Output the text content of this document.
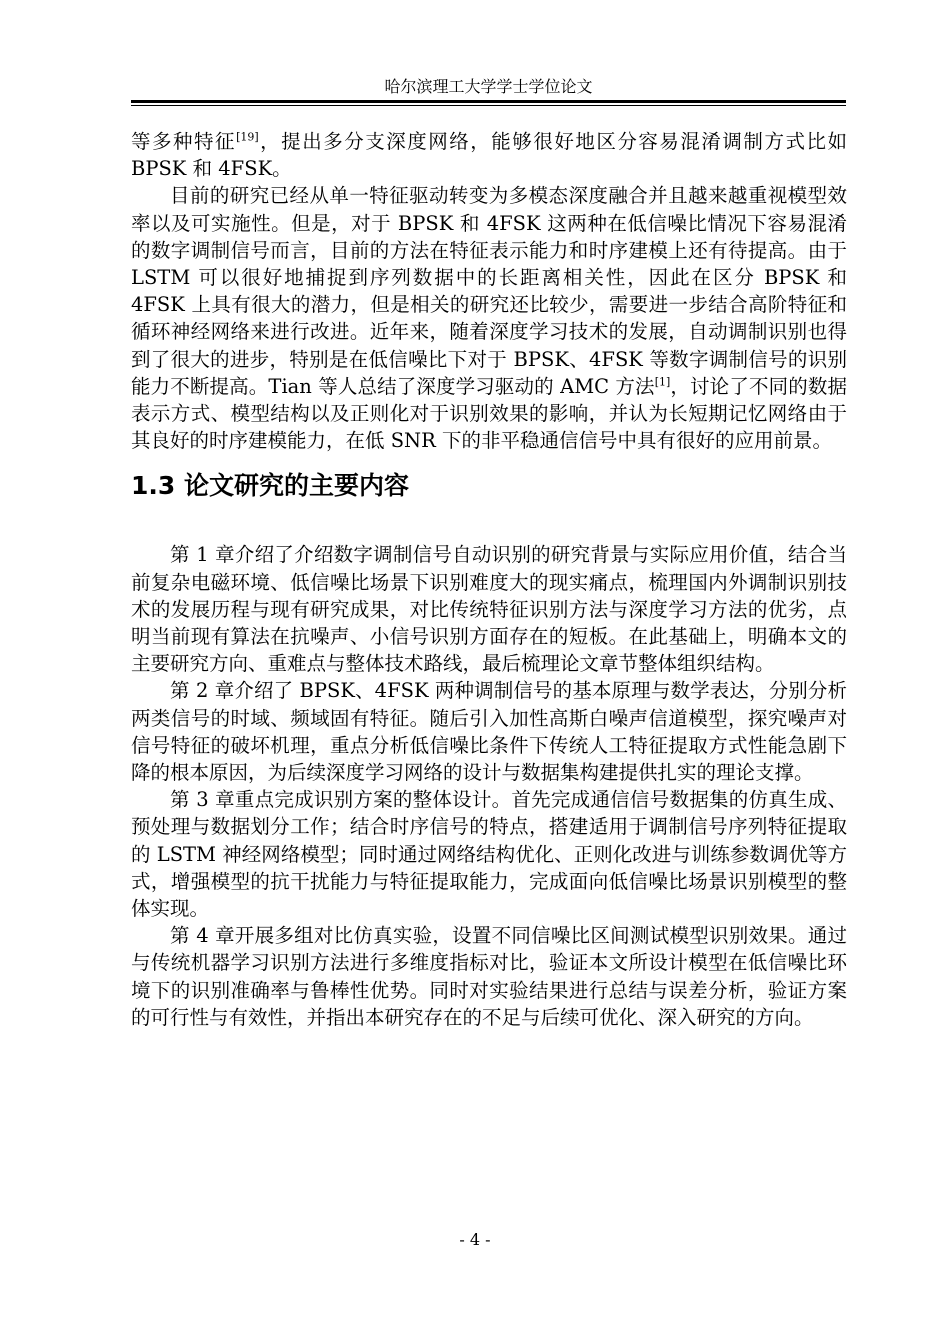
哈尔滨理工大学学士学位论文

等多种特征[19]，提出多分支深度网络，能够很好地区分容易混淆调制方式比如 BPSK 和 4FSK。

目前的研究已经从单一特征驱动转变为多模态深度融合并且越来越重视模型效率以及可实施性。但是，对于 BPSK 和 4FSK 这两种在低信噪比情况下容易混淆的数字调制信号而言，目前的方法在特征表示能力和时序建模上还有待提高。由于 LSTM 可以很好地捕捉到序列数据中的长距离相关性，因此在区分 BPSK 和 4FSK 上具有很大的潜力，但是相关的研究还比较少，需要进一步结合高阶特征和循环神经网络来进行改进。近年来，随着深度学习技术的发展，自动调制识别也得到了很大的进步，特别是在低信噪比下对于 BPSK、4FSK 等数字调制信号的识别能力不断提高。Tian 等人总结了深度学习驱动的 AMC 方法[1]，讨论了不同的数据表示方式、模型结构以及正则化对于识别效果的影响，并认为长短期记忆网络由于其良好的时序建模能力，在低 SNR 下的非平稳通信信号中具有很好的应用前景。

1.3 论文研究的主要内容

第 1 章介绍了介绍数字调制信号自动识别的研究背景与实际应用价值，结合当前复杂电磁环境、低信噪比场景下识别难度大的现实痛点，梳理国内外调制识别技术的发展历程与现有研究成果，对比传统特征识别方法与深度学习方法的优劣，点明当前现有算法在抗噪声、小信号识别方面存在的短板。在此基础上，明确本文的主要研究方向、重难点与整体技术路线，最后梳理论文章节整体组织结构。

第 2 章介绍了 BPSK、4FSK 两种调制信号的基本原理与数学表达，分别分析两类信号的时域、频域固有特征。随后引入加性高斯白噪声信道模型，探究噪声对信号特征的破坏机理，重点分析低信噪比条件下传统人工特征提取方式性能急剧下降的根本原因，为后续深度学习网络的设计与数据集构建提供扎实的理论支撑。

第 3 章重点完成识别方案的整体设计。首先完成通信信号数据集的仿真生成、预处理与数据划分工作；结合时序信号的特点，搭建适用于调制信号序列特征提取的 LSTM 神经网络模型；同时通过网络结构优化、正则化改进与训练参数调优等方式，增强模型的抗干扰能力与特征提取能力，完成面向低信噪比场景识别模型的整体实现。

第 4 章开展多组对比仿真实验，设置不同信噪比区间测试模型识别效果。通过与传统机器学习识别方法进行多维度指标对比，验证本文所设计模型在低信噪比环境下的识别准确率与鲁棒性优势。同时对实验结果进行总结与误差分析，验证方案的可行性与有效性，并指出本研究存在的不足与后续可优化、深入研究的方向。

- 4 -
